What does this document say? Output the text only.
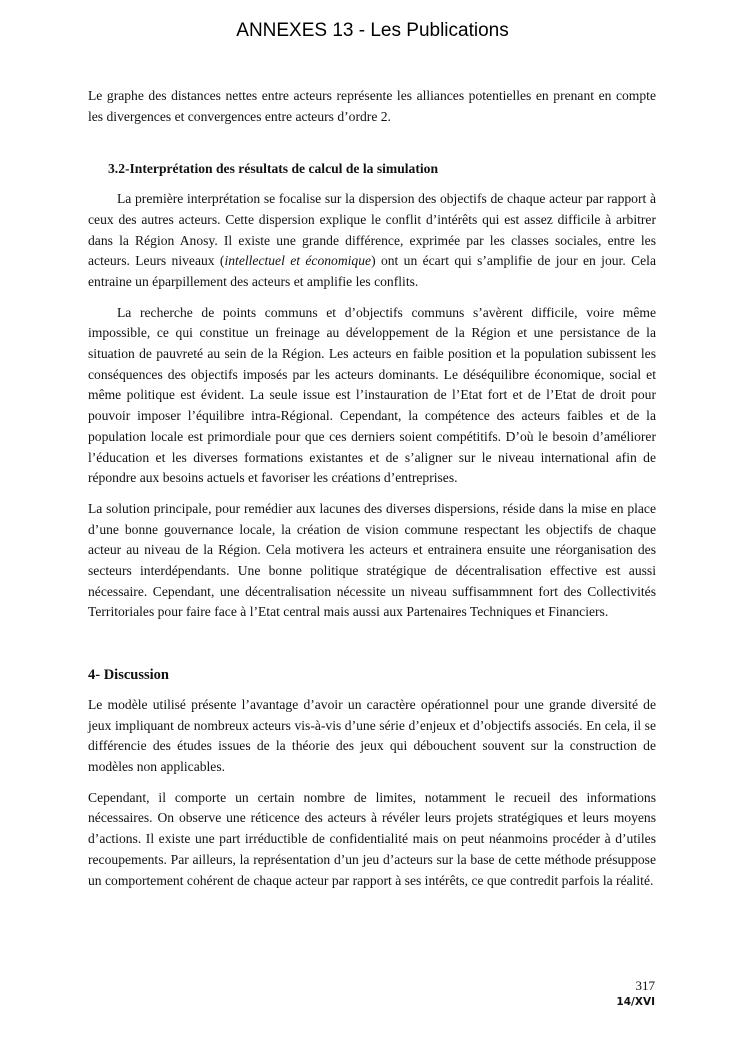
ANNEXES 13 - Les Publications

Le graphe des distances nettes entre acteurs représente les alliances potentielles en prenant en compte les divergences et convergences entre acteurs d’ordre 2.

3.2-Interprétation des résultats de calcul de la simulation

La première interprétation se focalise sur la dispersion des objectifs de chaque acteur par rapport à ceux des autres acteurs. Cette dispersion explique le conflit d’intérêts qui est assez difficile à arbitrer dans la Région Anosy. Il existe une grande différence, exprimée par les classes sociales, entre les acteurs. Leurs niveaux (intellectuel et économique) ont un écart qui s’amplifie de jour en jour. Cela entraine un éparpillement des acteurs et amplifie les conflits.

La recherche de points communs et d’objectifs communs s’avèrent difficile, voire même impossible, ce qui constitue un freinage au développement de la Région et une persistance de la situation de pauvreté au sein de la Région. Les acteurs en faible position et la population subissent les conséquences des objectifs imposés par les acteurs dominants. Le déséquilibre économique, social et même politique est évident. La seule issue est l’instauration de l’Etat fort et de l’Etat de droit pour pouvoir imposer l’équilibre intra-Régional. Cependant, la compétence des acteurs faibles et de la population locale est primordiale pour que ces derniers soient compétitifs. D’où le besoin d’améliorer l’éducation et les diverses formations existantes et de s’aligner sur le niveau international afin de répondre aux besoins actuels et favoriser les créations d’entreprises.

La solution principale, pour remédier aux lacunes des diverses dispersions, réside dans la mise en place d’une bonne gouvernance locale, la création de vision commune respectant les objectifs de chaque acteur au niveau de la Région. Cela motivera les acteurs et entrainera ensuite une réorganisation des secteurs interdépendants. Une bonne politique stratégique de décentralisation effective est aussi nécessaire. Cependant, une décentralisation nécessite un niveau suffisammnent fort des Collectivités Territoriales pour faire face à l’Etat central mais aussi aux Partenaires Techniques et Financiers.

4- Discussion

Le modèle utilisé présente l’avantage d’avoir un caractère opérationnel pour une grande diversité de jeux impliquant de nombreux acteurs vis-à-vis d’une série d’enjeux et d’objectifs associés. En cela, il se différencie des études issues de la théorie des jeux qui débouchent souvent sur la construction de modèles non applicables.

Cependant, il comporte un certain nombre de limites, notamment le recueil des informations nécessaires. On observe une réticence des acteurs à révéler leurs projets stratégiques et leurs moyens d’actions. Il existe une part irréductible de confidentialité mais on peut néanmoins procéder à d’utiles recoupements. Par ailleurs, la représentation d’un jeu d’acteurs sur la base de cette méthode présuppose un comportement cohérent de chaque acteur par rapport à ses intérêts, ce que contredit parfois la réalité.

317
14/XVI
